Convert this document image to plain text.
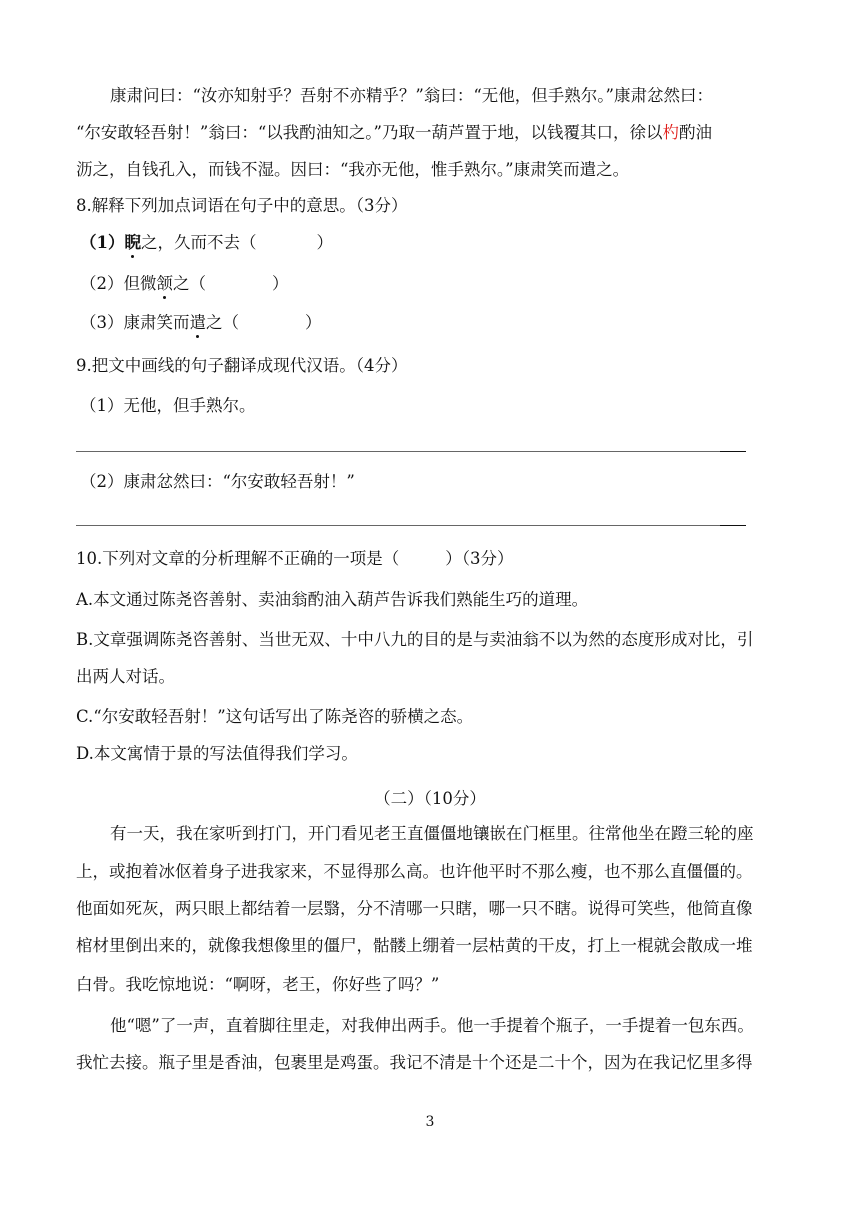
康肃问曰：“汝亦知射乎？吾射不亦精乎？”翁曰：“无他，但手熟尔。”康肃忿然曰：
“尔安敢轻吾射！”翁曰：“以我酌油知之。”乃取一葫芦置于地，以钱覆其口，徐以杓酌油
沥之，自钱孔入，而钱不湿。因曰：“我亦无他，惟手熟尔。”康肃笑而遣之。
8.解释下列加点词语在句子中的意思。（3分）
（1）睨之，久而不去（	）
（2）但微颔之（	）
（3）康肃笑而遣之（	）
9.把文中画线的句子翻译成现代汉语。（4分）
（1）无他，但手熟尔。
（2）康肃忿然曰：“尔安敢轻吾射！”
10.下列对文章的分析理解不正确的一项是（	）（3分）
A.本文通过陈尧咨善射、卖油翁酌油入葫芦告诉我们熟能生巧的道理。
B.文章强调陈尧咨善射、当世无双、十中八九的目的是与卖油翁不以为然的态度形成对比，引
出两人对话。
C.“尔安敢轻吾射！”这句话写出了陈尧咨的骄横之态。
D.本文寓情于景的写法值得我们学习。
（二）（10分）
有一天，我在家听到打门，开门看见老王直僵僵地镶嵌在门框里。往常他坐在蹬三轮的座
上，或抱着冰伛着身子进我家来，不显得那么高。也许他平时不那么瘦，也不那么直僵僵的。
他面如死灰，两只眼上都结着一层翳，分不清哪一只瞎，哪一只不瞎。说得可笑些，他简直像
棺材里倒出来的，就像我想像里的僵尸，骷髅上绷着一层枯黄的干皮，打上一棍就会散成一堆
白骨。我吃惊地说：“啊呀，老王，你好些了吗？”
他“嗯”了一声，直着脚往里走，对我伸出两手。他一手提着个瓶子，一手提着一包东西。
我忙去接。瓶子里是香油，包裹里是鸡蛋。我记不清是十个还是二十个，因为在我记忆里多得
3
